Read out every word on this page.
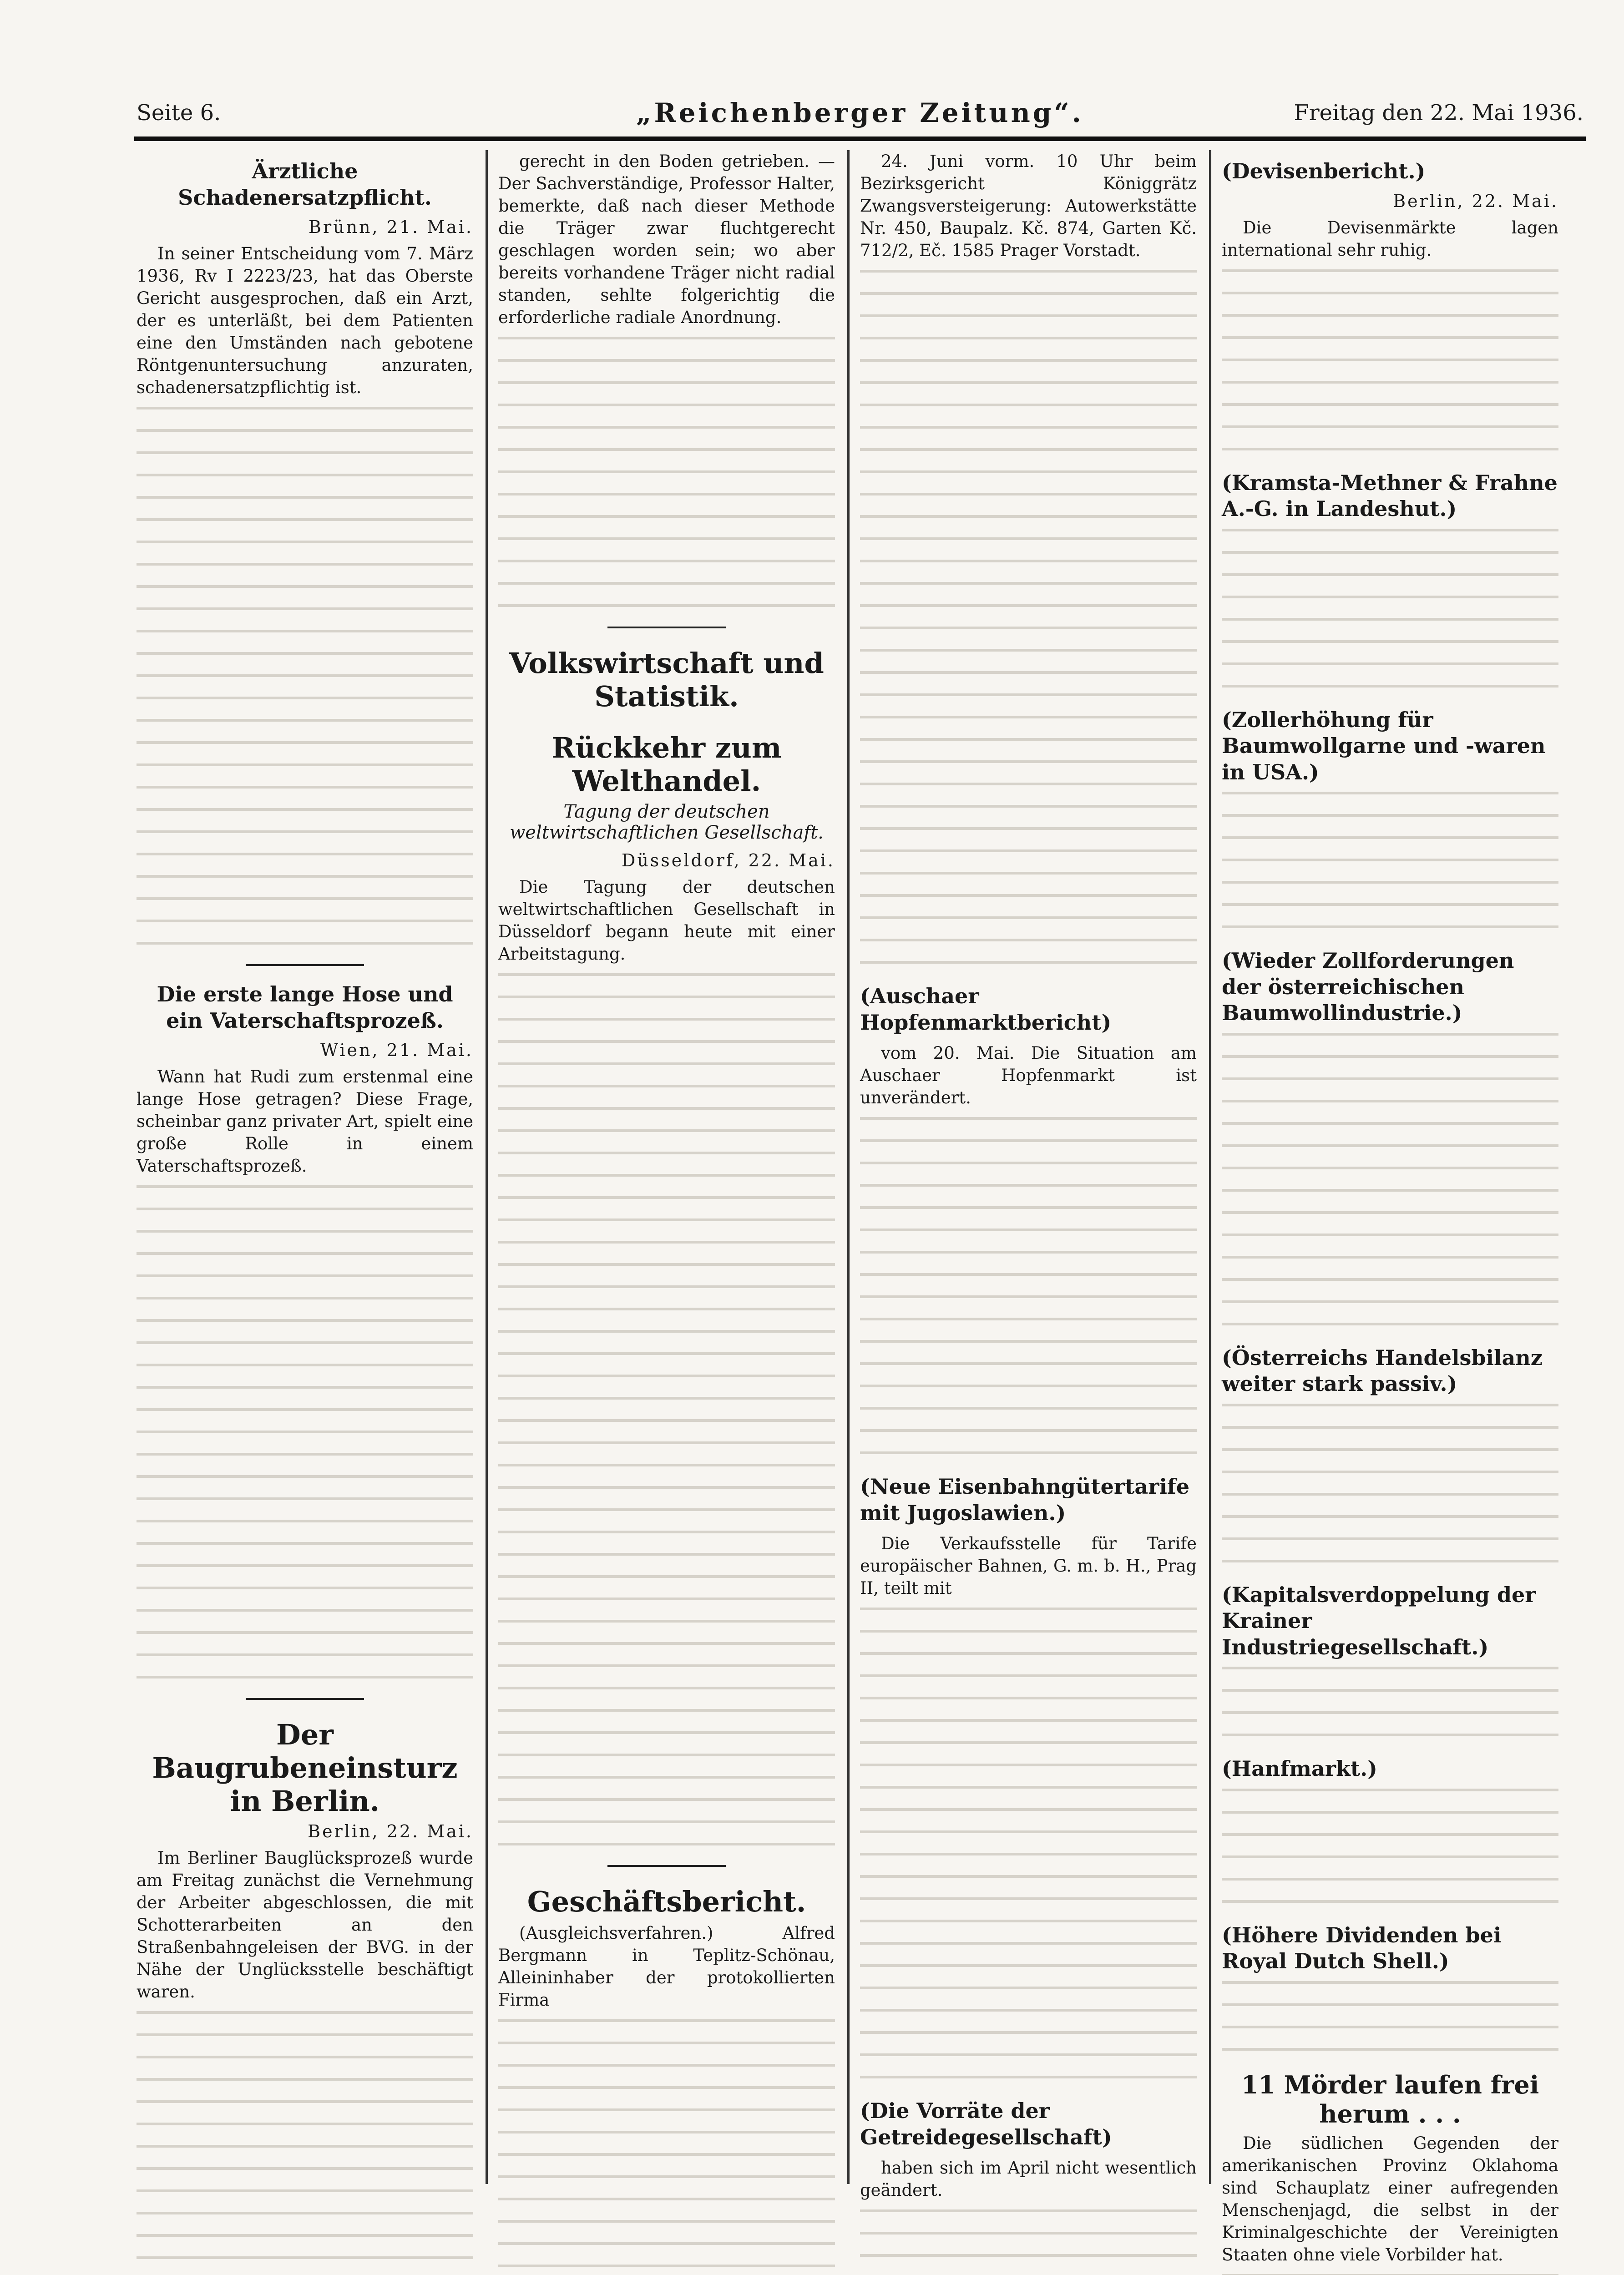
Seite 6.	„Reichenberger Zeitung“.	Freitag den 22. Mai 1936.
Ärztliche Schadenersatzpflicht.
Brünn, 21. Mai.

In seiner Entscheidung vom 7. März 1936, Rv I 2223/23, hat das Oberste Gericht ausgesprochen, daß ein Arzt, der es unterläßt, bei dem Patienten eine den Umständen nach gebotene Röntgenuntersuchung anzuraten, schadenersatzpflichtig ist.

Die erste lange Hose und ein Vaterschaftsprozeß.
Wien, 21. Mai.

Wann hat Rudi zum erstenmal eine lange Hose getragen? Diese Frage, scheinbar ganz privater Art, spielt eine große Rolle in einem Vaterschaftsprozeß.

Der Baugrubeneinsturz in Berlin.
Berlin, 22. Mai.

Im Berliner Bauglücksprozeß wurde am Freitag zunächst die Vernehmung der Arbeiter abgeschlossen, die mit Schotterarbeiten an den Straßenbahngeleisen der BVG. in der Nähe der Unglücksstelle beschäftigt waren.

gerecht in den Boden getrieben. — Der Sachverständige, Professor Halter, bemerkte, daß nach dieser Methode die Träger zwar fluchtgerecht geschlagen worden sein; wo aber bereits vorhandene Träger nicht radial standen, sehlte folgerichtig die erforderliche radiale Anordnung.

Volkswirtschaft und Statistik.
Rückkehr zum Welthandel.
Tagung der deutschen weltwirtschaftlichen Gesellschaft.
Düsseldorf, 22. Mai.

Die Tagung der deutschen weltwirtschaftlichen Gesellschaft in Düsseldorf begann heute mit einer Arbeitstagung.

Geschäftsbericht.

(Ausgleichsverfahren.) Alfred Bergmann in Teplitz-Schönau, Alleininhaber der protokollierten Firma

24. Juni vorm. 10 Uhr beim Bezirksgericht Königgrätz Zwangsversteigerung: Autowerkstätte Nr. 450, Baupalz. Kč. 874, Garten Kč. 712/2, Eč. 1585 Prager Vorstadt.

(Auschaer Hopfenmarktbericht)

vom 20. Mai. Die Situation am Auschaer Hopfenmarkt ist unverändert.

(Neue Eisenbahngütertarife mit Jugoslawien.)

Die Verkaufsstelle für Tarife europäischer Bahnen, G. m. b. H., Prag II, teilt mit

(Die Vorräte der Getreidegesellschaft)

haben sich im April nicht wesentlich geändert.

(Devisenbericht.)
Berlin, 22. Mai.

Die Devisenmärkte lagen international sehr ruhig.

(Kramsta-Methner & Frahne A.-G. in Landeshut.)
(Zollerhöhung für Baumwollgarne und -waren in USA.)
(Wieder Zollforderungen der österreichischen Baumwollindustrie.)
(Österreichs Handelsbilanz weiter stark passiv.)
(Kapitalsverdoppelung der Krainer Industriegesellschaft.)
(Hanfmarkt.)
(Höhere Dividenden bei Royal Dutch Shell.)
11 Mörder laufen frei herum . . .

Die südlichen Gegenden der amerikanischen Provinz Oklahoma sind Schauplatz einer aufregenden Menschenjagd, die selbst in der Kriminalgeschichte der Vereinigten Staaten ohne viele Vorbilder hat.
